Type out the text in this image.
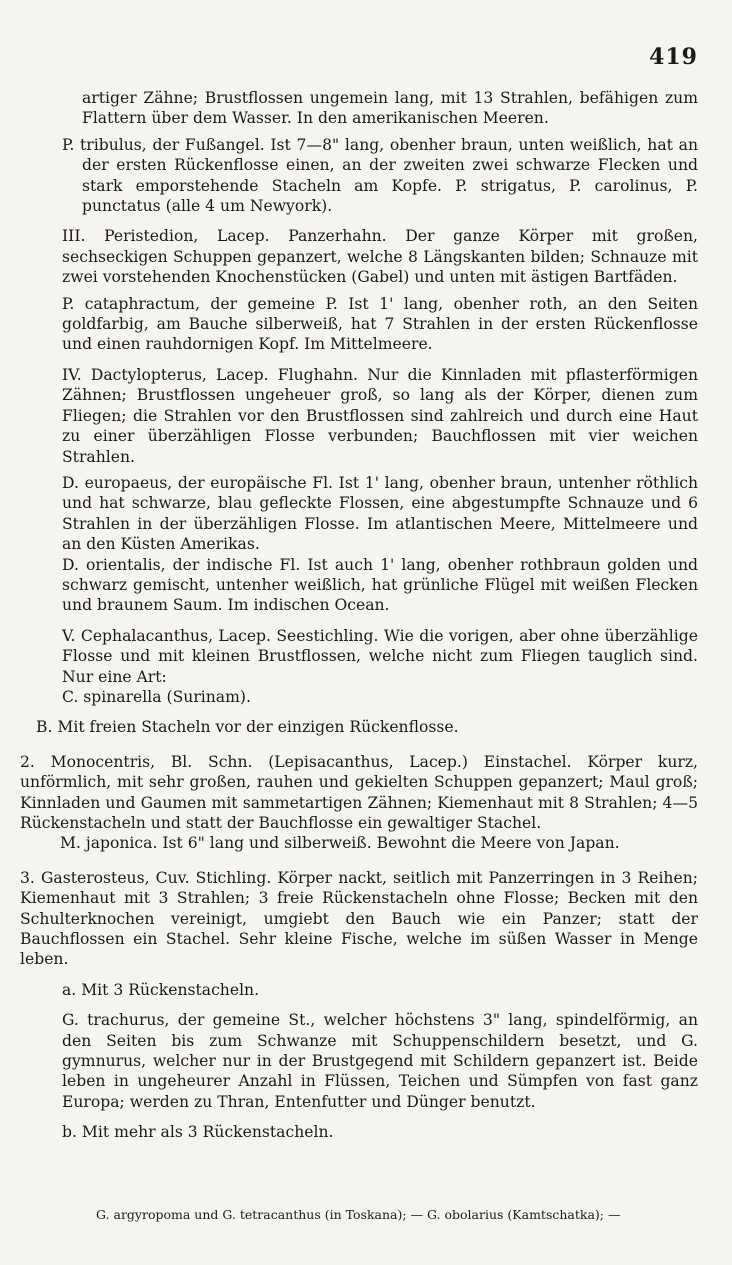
419

artiger Zähne; Brustflossen ungemein lang, mit 13 Strahlen, befähigen zum Flattern über dem Wasser. In den amerikanischen Meeren.

P. tribulus, der Fußangel. Ist 7—8" lang, obenher braun, unten weißlich, hat an der ersten Rückenflosse einen, an der zweiten zwei schwarze Flecken und stark emporstehende Stacheln am Kopfe. P. strigatus, P. carolinus, P. punctatus (alle 4 um Newyork).

III. Peristedion, Lacep. Panzerhahn. Der ganze Körper mit großen, sechseckigen Schuppen gepanzert, welche 8 Längskanten bilden; Schnauze mit zwei vorstehenden Knochenstücken (Gabel) und unten mit ästigen Bartfäden.

P. cataphractum, der gemeine P. Ist 1' lang, obenher roth, an den Seiten goldfarbig, am Bauche silberweiß, hat 7 Strahlen in der ersten Rückenflosse und einen rauhdornigen Kopf. Im Mittelmeere.

IV. Dactylopterus, Lacep. Flughahn. Nur die Kinnladen mit pflasterförmigen Zähnen; Brustflossen ungeheuer groß, so lang als der Körper, dienen zum Fliegen; die Strahlen vor den Brustflossen sind zahlreich und durch eine Haut zu einer überzähligen Flosse verbunden; Bauchflossen mit vier weichen Strahlen.

D. europaeus, der europäische Fl. Ist 1' lang, obenher braun, untenher röthlich und hat schwarze, blau gefleckte Flossen, eine abgestumpfte Schnauze und 6 Strahlen in der überzähligen Flosse. Im atlantischen Meere, Mittelmeere und an den Küsten Amerikas.

D. orientalis, der indische Fl. Ist auch 1' lang, obenher rothbraun golden und schwarz gemischt, untenher weißlich, hat grünliche Flügel mit weißen Flecken und braunem Saum. Im indischen Ocean.

V. Cephalacanthus, Lacep. Seestichling. Wie die vorigen, aber ohne überzählige Flosse und mit kleinen Brustflossen, welche nicht zum Fliegen tauglich sind. Nur eine Art:

C. spinarella (Surinam).

B. Mit freien Stacheln vor der einzigen Rückenflosse.

2. Monocentris, Bl. Schn. (Lepisacanthus, Lacep.) Einstachel. Körper kurz, unförmlich, mit sehr großen, rauhen und gekielten Schuppen gepanzert; Maul groß; Kinnladen und Gaumen mit sammetartigen Zähnen; Kiemenhaut mit 8 Strahlen; 4—5 Rückenstacheln und statt der Bauchflosse ein gewaltiger Stachel.

M. japonica. Ist 6" lang und silberweiß. Bewohnt die Meere von Japan.

3. Gasterosteus, Cuv. Stichling. Körper nackt, seitlich mit Panzerringen in 3 Reihen; Kiemenhaut mit 3 Strahlen; 3 freie Rückenstacheln ohne Flosse; Becken mit den Schulterknochen vereinigt, umgiebt den Bauch wie ein Panzer; statt der Bauchflossen ein Stachel. Sehr kleine Fische, welche im süßen Wasser in Menge leben.

a. Mit 3 Rückenstacheln.

G. trachurus, der gemeine St., welcher höchstens 3" lang, spindelförmig, an den Seiten bis zum Schwanze mit Schuppenschildern besetzt, und G. gymnurus, welcher nur in der Brustgegend mit Schildern gepanzert ist. Beide leben in ungeheurer Anzahl in Flüssen, Teichen und Sümpfen von fast ganz Europa; werden zu Thran, Entenfutter und Dünger benutzt.

b. Mit mehr als 3 Rückenstacheln.

G. argyropoma und G. tetracanthus (in Toskana); — G. obolarius (Kamtschatka); —
